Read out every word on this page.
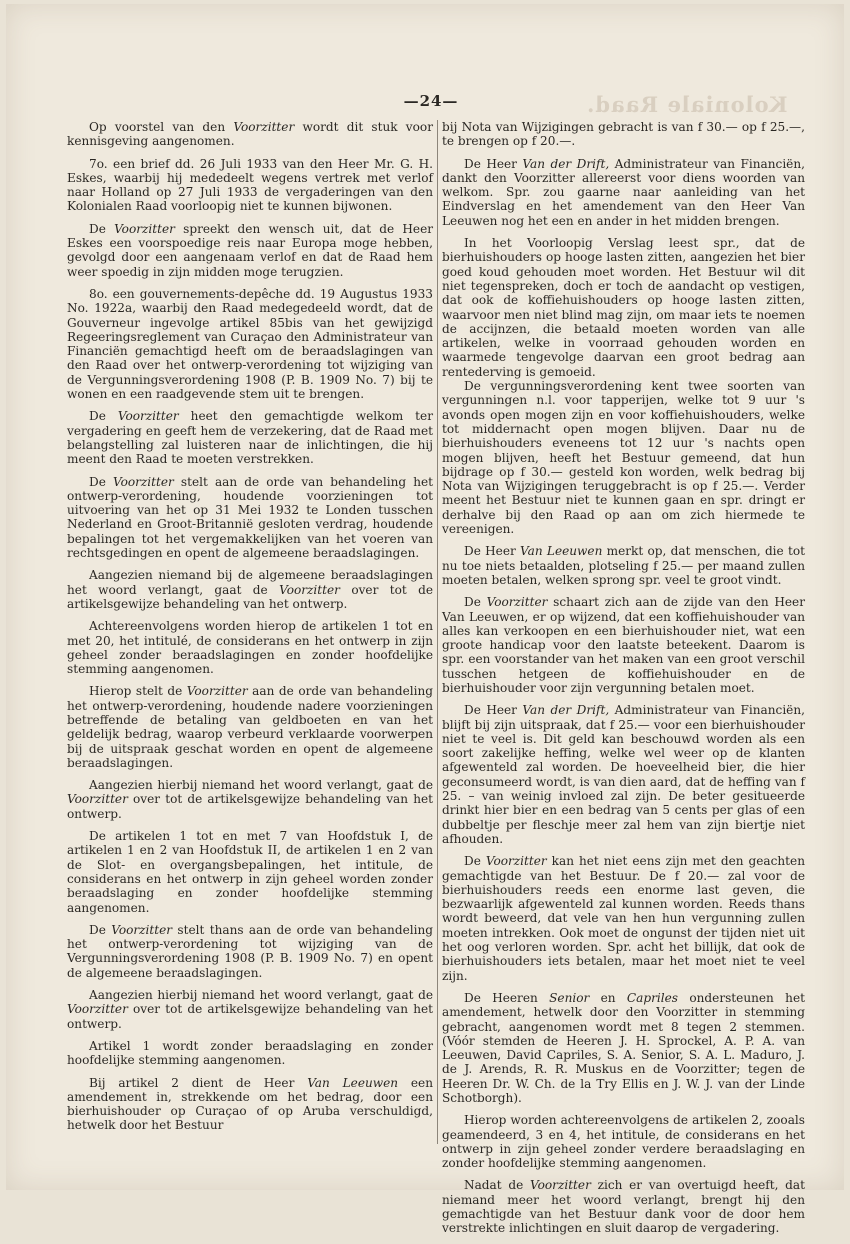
Koloniale Raad.
—24—

Op voorstel van den Voorzitter wordt dit stuk voor kennisgeving aangenomen.

7o. een brief dd. 26 Juli 1933 van den Heer Mr. G. H. Eskes, waarbij hij mededeelt wegens vertrek met verlof naar Holland op 27 Juli 1933 de vergaderingen van den Kolonialen Raad voorloopig niet te kunnen bijwonen.

De Voorzitter spreekt den wensch uit, dat de Heer Eskes een voorspoedige reis naar Europa moge hebben, gevolgd door een aangenaam verlof en dat de Raad hem weer spoedig in zijn midden moge terugzien.

8o. een gouvernements-depêche dd. 19 Augustus 1933 No. 1922a, waarbij den Raad medegedeeld wordt, dat de Gouverneur ingevolge artikel 85bis van het gewijzigd Regeeringsreglement van Curaçao den Administrateur van Financiën gemachtigd heeft om de beraadslagingen van den Raad over het ontwerp-verordening tot wijziging van de Vergunningsverordening 1908 (P. B. 1909 No. 7) bij te wonen en een raadgevende stem uit te brengen.

De Voorzitter heet den gemachtigde welkom ter vergadering en geeft hem de verzekering, dat de Raad met belangstelling zal luisteren naar de inlichtingen, die hij meent den Raad te moeten verstrekken.

De Voorzitter stelt aan de orde van behandeling het ontwerp-verordening, houdende voorzieningen tot uitvoering van het op 31 Mei 1932 te Londen tusschen Nederland en Groot-Britannië gesloten verdrag, houdende bepalingen tot het vergemakkelijken van het voeren van rechtsgedingen en opent de algemeene beraadslagingen.

Aangezien niemand bij de algemeene beraadslagingen het woord verlangt, gaat de Voorzitter over tot de artikelsgewijze behandeling van het ontwerp.

Achtereenvolgens worden hierop de artikelen 1 tot en met 20, het intitulé, de considerans en het ontwerp in zijn geheel zonder beraadslagingen en zonder hoofdelijke stemming aangenomen.

Hierop stelt de Voorzitter aan de orde van behandeling het ontwerp-verordening, houdende nadere voorzieningen betreffende de betaling van geldboeten en van het geldelijk bedrag, waarop verbeurd verklaarde voorwerpen bij de uitspraak geschat worden en opent de algemeene beraadslagingen.

Aangezien hierbij niemand het woord verlangt, gaat de Voorzitter over tot de artikelsgewijze behandeling van het ontwerp.

De artikelen 1 tot en met 7 van Hoofdstuk I, de artikelen 1 en 2 van Hoofdstuk II, de artikelen 1 en 2 van de Slot- en overgangsbepalingen, het intitule, de considerans en het ontwerp in zijn geheel worden zonder beraadslaging en zonder hoofdelijke stemming aangenomen.

De Voorzitter stelt thans aan de orde van behandeling het ontwerp-verordening tot wijziging van de Vergunningsverordening 1908 (P. B. 1909 No. 7) en opent de algemeene beraadslagingen.

Aangezien hierbij niemand het woord verlangt, gaat de Voorzitter over tot de artikelsgewijze behandeling van het ontwerp.

Artikel 1 wordt zonder beraadslaging en zonder hoofdelijke stemming aangenomen.

Bij artikel 2 dient de Heer Van Leeuwen een amendement in, strekkende om het bedrag, door een bierhuishouder op Curaçao of op Aruba verschuldigd, hetwelk door het Bestuur

bij Nota van Wijzigingen gebracht is van f 30.— op f 25.—, te brengen op f 20.—.

De Heer Van der Drift, Administrateur van Financiën, dankt den Voorzitter allereerst voor diens woorden van welkom. Spr. zou gaarne naar aanleiding van het Eindverslag en het amendement van den Heer Van Leeuwen nog het een en ander in het midden brengen.

In het Voorloopig Verslag leest spr., dat de bierhuishouders op hooge lasten zitten, aangezien het bier goed koud gehouden moet worden. Het Bestuur wil dit niet tegenspreken, doch er toch de aandacht op vestigen, dat ook de koffiehuishouders op hooge lasten zitten, waarvoor men niet blind mag zijn, om maar iets te noemen de accijnzen, die betaald moeten worden van alle artikelen, welke in voorraad gehouden worden en waarmede tengevolge daarvan een groot bedrag aan rentederving is gemoeid.

De vergunningsverordening kent twee soorten van vergunningen n.l. voor tapperijen, welke tot 9 uur 's avonds open mogen zijn en voor koffiehuishouders, welke tot middernacht open mogen blijven. Daar nu de bierhuishouders eveneens tot 12 uur 's nachts open mogen blijven, heeft het Bestuur gemeend, dat hun bijdrage op f 30.— gesteld kon worden, welk bedrag bij Nota van Wijzigingen teruggebracht is op f 25.—. Verder meent het Bestuur niet te kunnen gaan en spr. dringt er derhalve bij den Raad op aan om zich hiermede te vereenigen.

De Heer Van Leeuwen merkt op, dat menschen, die tot nu toe niets betaalden, plotseling f 25.— per maand zullen moeten betalen, welken sprong spr. veel te groot vindt.

De Voorzitter schaart zich aan de zijde van den Heer Van Leeuwen, er op wijzend, dat een koffiehuishouder van alles kan verkoopen en een bierhuishouder niet, wat een groote handicap voor den laatste beteekent. Daarom is spr. een voorstander van het maken van een groot verschil tusschen hetgeen de koffiehuishouder en de bierhuishouder voor zijn vergunning betalen moet.

De Heer Van der Drift, Administrateur van Financiën, blijft bij zijn uitspraak, dat f 25.— voor een bierhuishouder niet te veel is. Dit geld kan beschouwd worden als een soort zakelijke heffing, welke wel weer op de klanten afgewenteld zal worden. De hoeveelheid bier, die hier geconsumeerd wordt, is van dien aard, dat de heffing van f 25. – van weinig invloed zal zijn. De beter gesitueerde drinkt hier bier en een bedrag van 5 cents per glas of een dubbeltje per fleschje meer zal hem van zijn biertje niet afhouden.

De Voorzitter kan het niet eens zijn met den geachten gemachtigde van het Bestuur. De f 20.— zal voor de bierhuishouders reeds een enorme last geven, die bezwaarlijk afgewenteld zal kunnen worden. Reeds thans wordt beweerd, dat vele van hen hun vergunning zullen moeten intrekken. Ook moet de ongunst der tijden niet uit het oog verloren worden. Spr. acht het billijk, dat ook de bierhuishouders iets betalen, maar het moet niet te veel zijn.

De Heeren Senior en Capriles ondersteunen het amendement, hetwelk door den Voorzitter in stemming gebracht, aangenomen wordt met 8 tegen 2 stemmen. (Vóór stemden de Heeren J. H. Sprockel, A. P. A. van Leeuwen, David Capriles, S. A. Senior, S. A. L. Maduro, J. de J. Arends, R. R. Muskus en de Voorzitter; tegen de Heeren Dr. W. Ch. de la Try Ellis en J. W. J. van der Linde Schotborgh).

Hierop worden achtereenvolgens de artikelen 2, zooals geamendeerd, 3 en 4, het intitule, de considerans en het ontwerp in zijn geheel zonder verdere beraadslaging en zonder hoofdelijke stemming aangenomen.

Nadat de Voorzitter zich er van overtuigd heeft, dat niemand meer het woord verlangt, brengt hij den gemachtigde van het Bestuur dank voor de door hem verstrekte inlichtingen en sluit daarop de vergadering.
